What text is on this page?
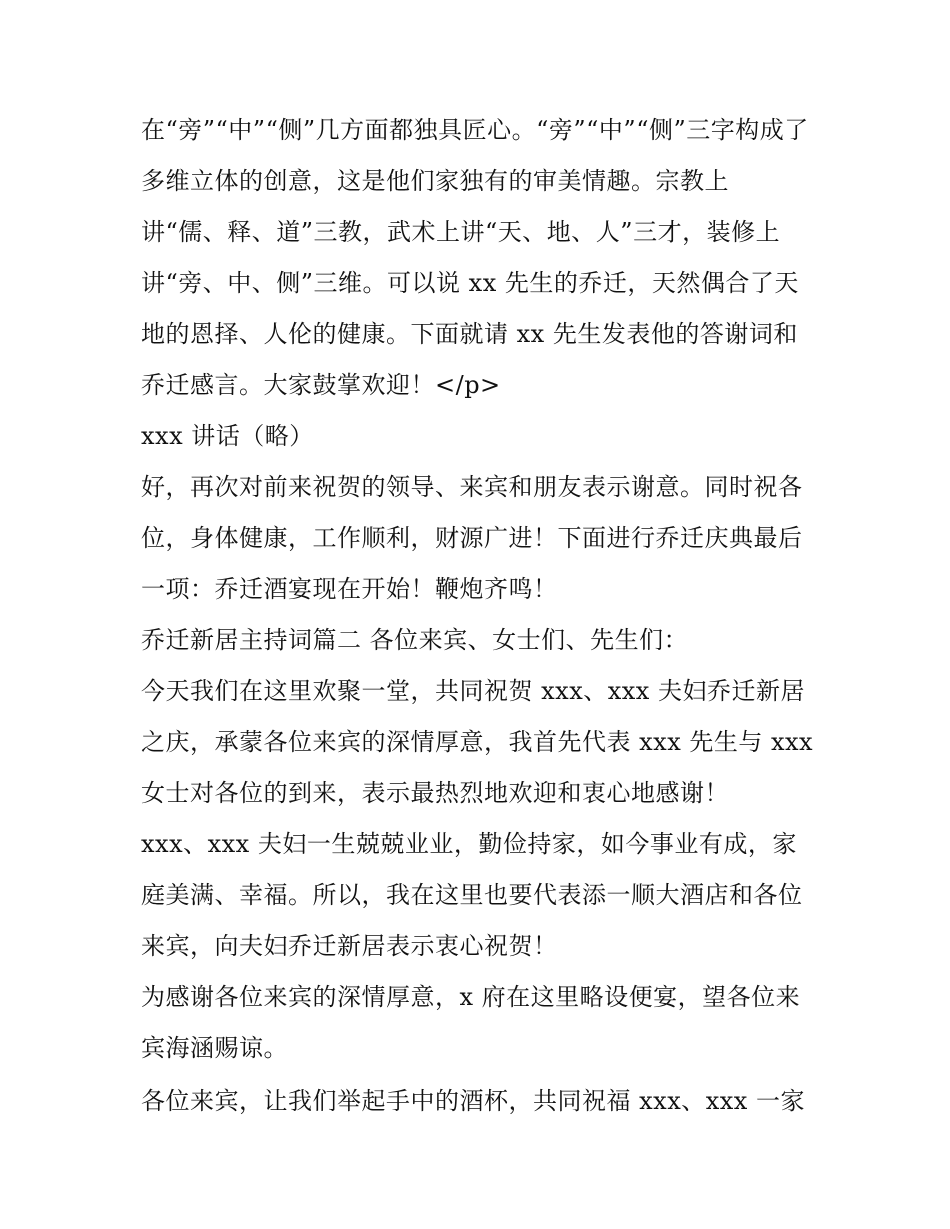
在“旁”“中”“侧”几方面都独具匠心。“旁”“中”“侧”三字构成了
多维立体的创意，这是他们家独有的审美情趣。宗教上
讲“儒、释、道”三教，武术上讲“天、地、人”三才，装修上
讲“旁、中、侧”三维。可以说 xx 先生的乔迁，天然偶合了天
地的恩择、人伦的健康。下面就请 xx 先生发表他的答谢词和
乔迁感言。大家鼓掌欢迎！</p>
xxx 讲话（略）
好，再次对前来祝贺的领导、来宾和朋友表示谢意。同时祝各
位，身体健康，工作顺利，财源广进！下面进行乔迁庆典最后
一项：乔迁酒宴现在开始！鞭炮齐鸣！
乔迁新居主持词篇二 各位来宾、女士们、先生们：
今天我们在这里欢聚一堂，共同祝贺 xxx、xxx 夫妇乔迁新居
之庆，承蒙各位来宾的深情厚意，我首先代表 xxx 先生与 xxx
女士对各位的到来，表示最热烈地欢迎和衷心地感谢！
xxx、xxx 夫妇一生兢兢业业，勤俭持家，如今事业有成，家
庭美满、幸福。所以，我在这里也要代表添一顺大酒店和各位
来宾，向夫妇乔迁新居表示衷心祝贺！
为感谢各位来宾的深情厚意，x 府在这里略设便宴，望各位来
宾海涵赐谅。
各位来宾，让我们举起手中的酒杯，共同祝福 xxx、xxx 一家
